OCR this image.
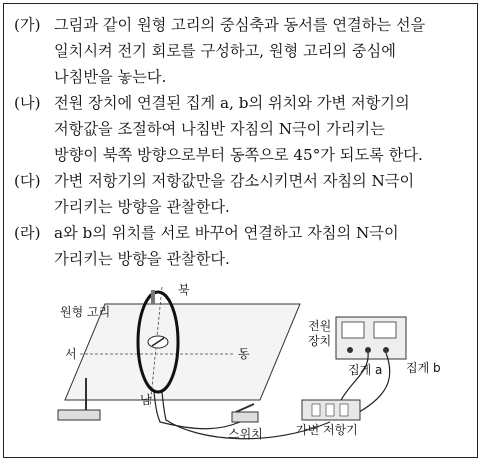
(가) 그림과 같이 원형 고리의 중심축과 동서를 연결하는 선을
일치시켜 전기 회로를 구성하고, 원형 고리의 중심에
나침반을 놓는다.
(나) 전원 장치에 연결된 집게 a, b의 위치와 가변 저항기의
저항값을 조절하여 나침반 자침의 N극이 가리키는
방향이 북쪽 방향으로부터 동쪽으로 45°가 되도록 한다.
(다) 가변 저항기의 저항값만을 감소시키면서 자침의 N극이
가리키는 방향을 관찰한다.
(라) a와 b의 위치를 서로 바꾸어 연결하고 자침의 N극이
가리키는 방향을 관찰한다.
원형 고리
북
서	동
남
전원
장치
집게 a 집게 b
스위치	가변 저항기
